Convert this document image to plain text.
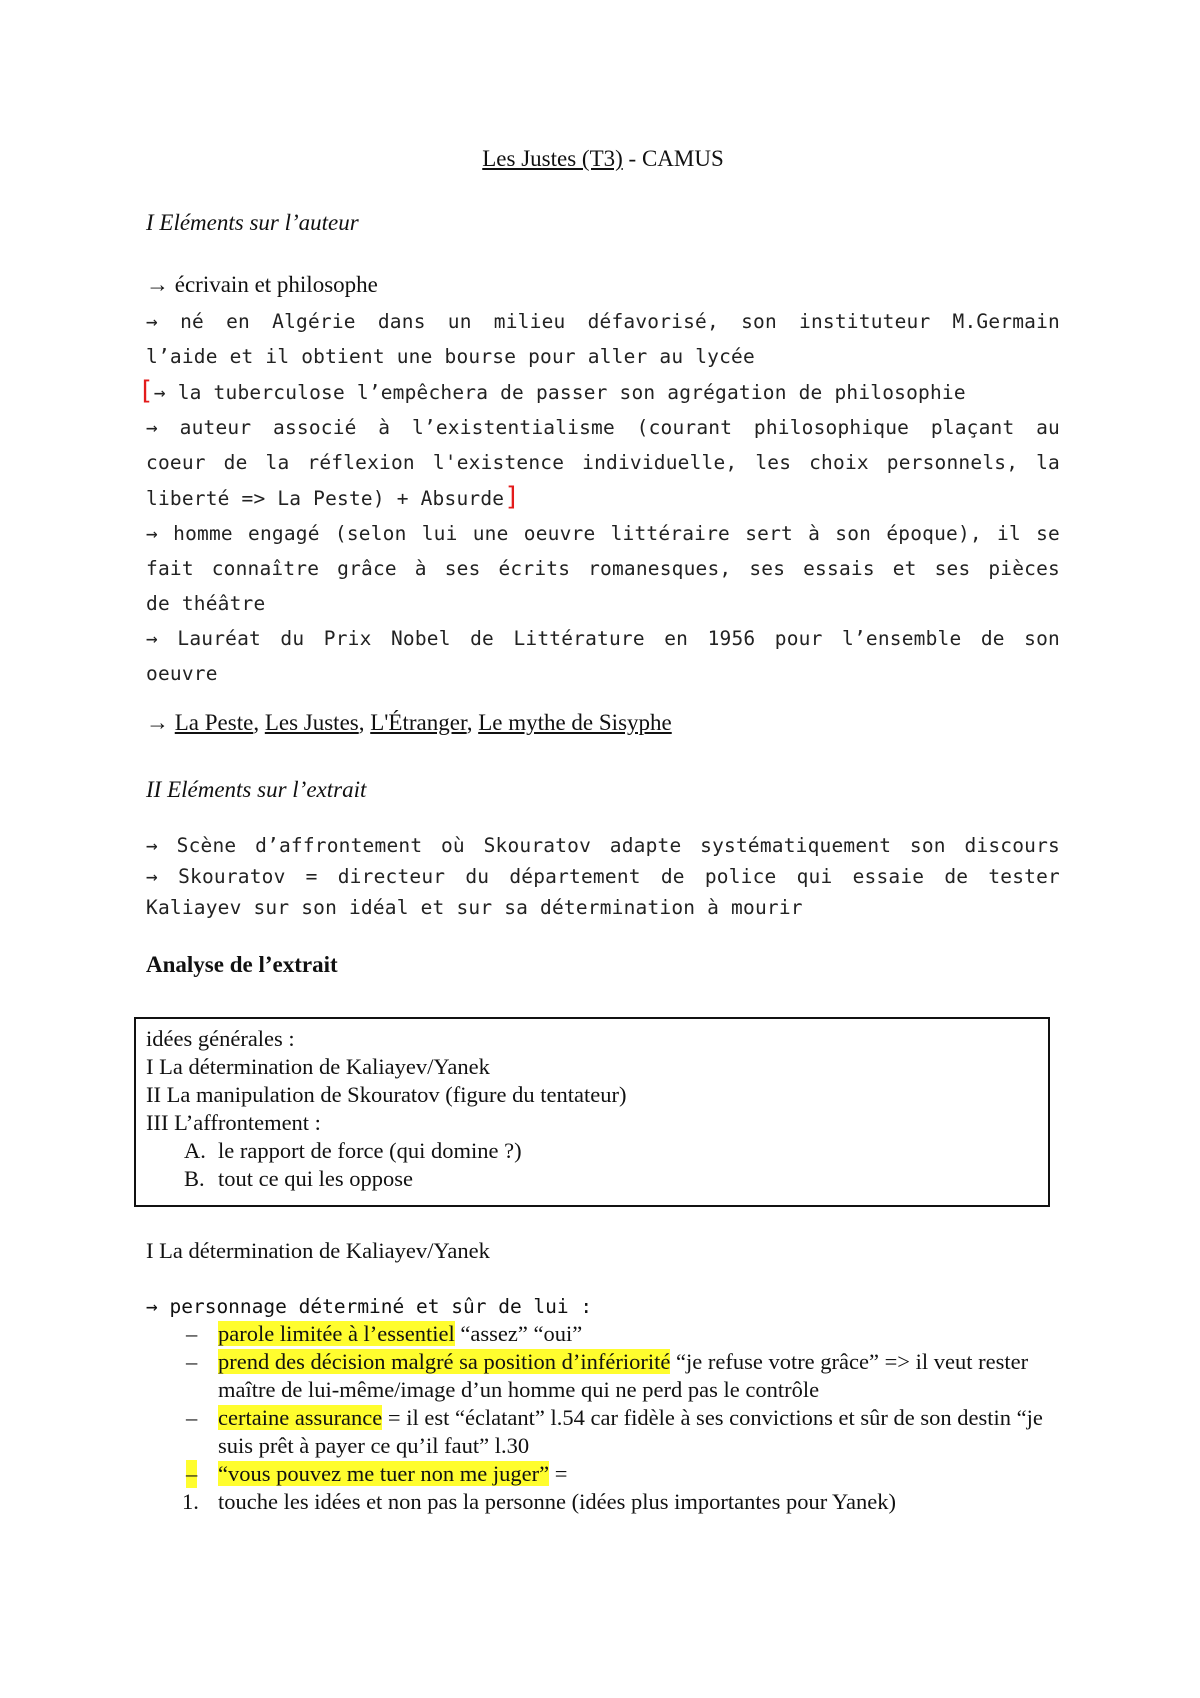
Les Justes (T3) - CAMUS
I Eléments sur l’auteur
→ écrivain et philosophe
→ né en Algérie dans un milieu défavorisé, son instituteur M.Germain
l’aide et il obtient une bourse pour aller au lycée
[→ la tuberculose l’empêchera de passer son agrégation de philosophie
→ auteur associé à l’existentialisme (courant philosophique plaçant au
coeur de la réflexion l'existence individuelle, les choix personnels, la
liberté => La Peste) + Absurde]
→ homme engagé (selon lui une oeuvre littéraire sert à son époque), il se
fait connaître grâce à ses écrits romanesques, ses essais et ses pièces
de théâtre
→ Lauréat du Prix Nobel de Littérature en 1956 pour l’ensemble de son
oeuvre
→ La Peste, Les Justes, L'Étranger, Le mythe de Sisyphe
II Eléments sur l’extrait
→ Scène d’affrontement où Skouratov adapte systématiquement son discours
→ Skouratov = directeur du département de police qui essaie de tester
Kaliayev sur son idéal et sur sa détermination à mourir
Analyse de l’extrait
idées générales :
I La détermination de Kaliayev/Yanek
II La manipulation de Skouratov (figure du tentateur)
III L’affrontement :
A. le rapport de force (qui domine ?)
B. tout ce qui les oppose
I La détermination de Kaliayev/Yanek
→ personnage déterminé et sûr de lui :
– parole limitée à l’essentiel “assez” “oui”
– prend des décision malgré sa position d’infériorité “je refuse votre grâce” => il veut rester maître de lui-même/image d’un homme qui ne perd pas le contrôle
– certaine assurance = il est “éclatant” l.54 car fidèle à ses convictions et sûr de son destin “je suis prêt à payer ce qu’il faut” l.30
– “vous pouvez me tuer non me juger” =
1. touche les idées et non pas la personne (idées plus importantes pour Yanek)
